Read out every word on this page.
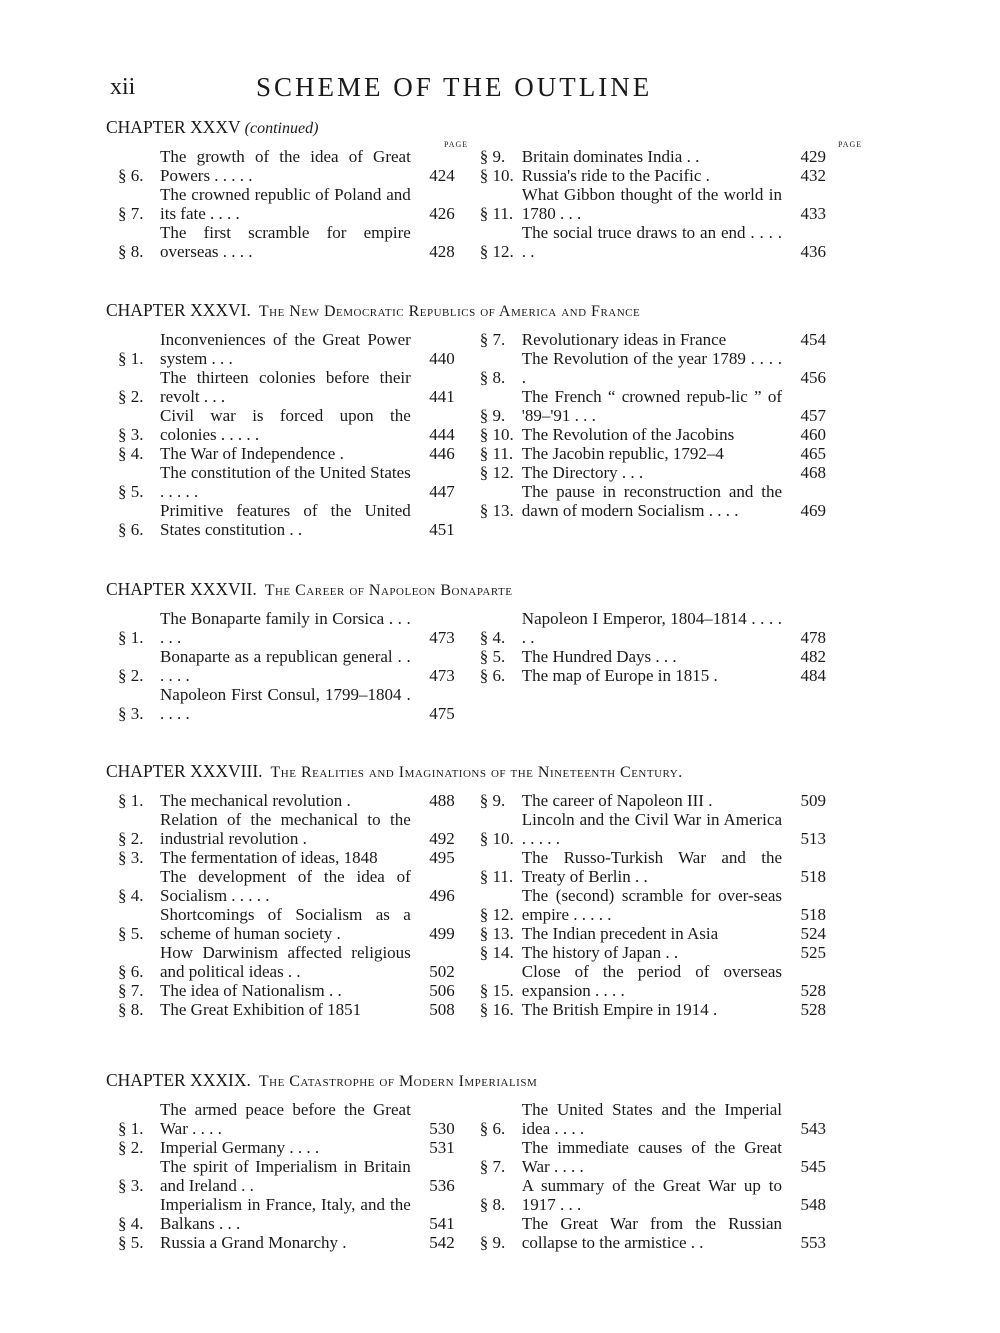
xii	SCHEME OF THE OUTLINE
PAGE	PAGE
CHAPTER XXXV (continued)
§ 6.
The growth of the idea of Great Powers . . . . .	424
§ 7.
The crowned republic of Poland and its fate . . . .	426
§ 8.
The first scramble for empire overseas . . . .	428
§ 9. Britain dominates India . .	429
§ 10. Russia's ride to the Pacific .	432
§ 11.
What Gibbon thought of the world in 1780 . . .	433
§ 12.
The social truce draws to an end . . . . . .	436
CHAPTER XXXVI. The New Democratic Republics of America and France
§ 1.
Inconveniences of the Great Power system . . .	440
§ 2.
The thirteen colonies before their revolt . . .	441
§ 3.
Civil war is forced upon the colonies . . . . .	444
§ 4. The War of Independence .	446
§ 5.
The constitution of the United States . . . . .	447
§ 6.
Primitive features of the United States constitution . .	451
§ 7. Revolutionary ideas in France	454
§ 8.
The Revolution of the year 1789 . . . . .	456
§ 9.
The French “ crowned repub-lic ” of '89–'91 . . .	457
§ 10. The Revolution of the Jacobins	460
§ 11. The Jacobin republic, 1792–4	465
§ 12. The Directory . . .	468
§ 13.
The pause in reconstruction and the dawn of modern Socialism . . . .	469
CHAPTER XXXVII. The Career of Napoleon Bonaparte
§ 1.
The Bonaparte family in Corsica . . . . . .	473
§ 2.
Bonaparte as a republican general . . . . . .	473
§ 3.
Napoleon First Consul, 1799–1804 . . . . .	475
§ 4.
Napoleon I Emperor, 1804–1814 . . . . . .	478
§ 5. The Hundred Days . . .	482
§ 6. The map of Europe in 1815 .	484
CHAPTER XXXVIII. The Realities and Imaginations of the Nineteenth Century.
§ 1. The mechanical revolution .	488
§ 2.
Relation of the mechanical to the industrial revolution .	492
§ 3. The fermentation of ideas, 1848	495
§ 4.
The development of the idea of Socialism . . . . .	496
§ 5.
Shortcomings of Socialism as a scheme of human society .	499
§ 6.
How Darwinism affected religious and political ideas . .	502
§ 7. The idea of Nationalism . .	506
§ 8. The Great Exhibition of 1851	508
§ 9. The career of Napoleon III .	509
§ 10.
Lincoln and the Civil War in America . . . . .	513
§ 11.
The Russo-Turkish War and the Treaty of Berlin . .	518
§ 12.
The (second) scramble for over-seas empire . . . . .	518
§ 13. The Indian precedent in Asia	524
§ 14. The history of Japan . .	525
§ 15.
Close of the period of overseas expansion . . . .	528
§ 16. The British Empire in 1914 .	528
CHAPTER XXXIX. The Catastrophe of Modern Imperialism
§ 1.
The armed peace before the Great War . . . .	530
§ 2. Imperial Germany . . . .	531
§ 3.
The spirit of Imperialism in Britain and Ireland . .	536
§ 4.
Imperialism in France, Italy, and the Balkans . . .	541
§ 5. Russia a Grand Monarchy .	542
§ 6.
The United States and the Imperial idea . . . .	543
§ 7.
The immediate causes of the Great War . . . .	545
§ 8.
A summary of the Great War up to 1917 . . .	548
§ 9.
The Great War from the Russian collapse to the armistice . .	553
